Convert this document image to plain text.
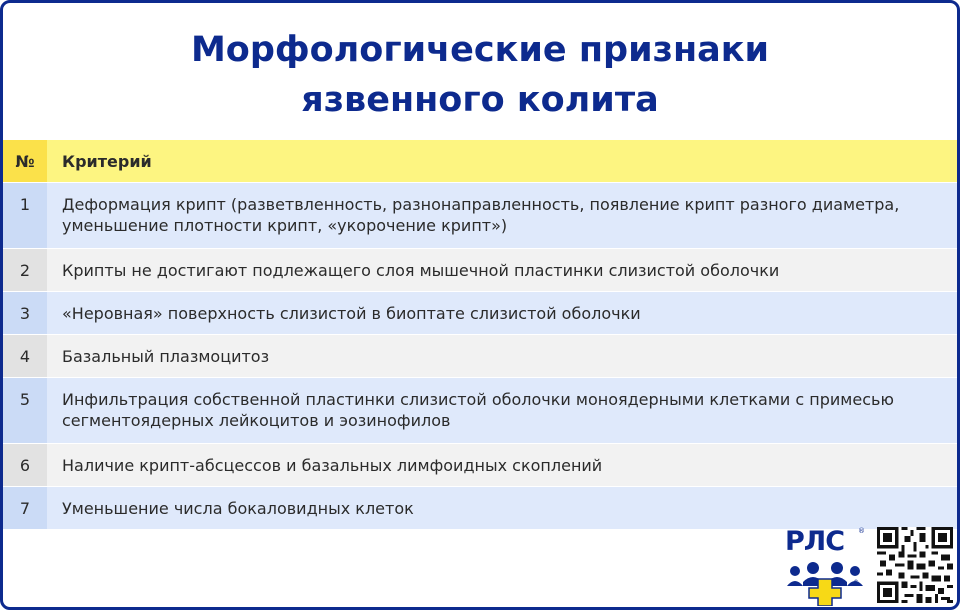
Морфологические признаки
язвенного колита
№	Критерий
1	Деформация крипт (разветвленность, разнонаправленность, появление крипт разного диаметра, уменьшение плотности крипт, «укорочение крипт»)
2	Крипты не достигают подлежащего слоя мышечной пластинки слизистой оболочки
3	«Неровная» поверхность слизистой в биоптате слизистой оболочки
4	Базальный плазмоцитоз
5	Инфильтрация собственной пластинки слизистой оболочки моноядерными клетками с примесью сегментоядерных лейкоцитов и эозинофилов
6	Наличие крипт-абсцессов и базальных лимфоидных скоплений
7	Уменьшение числа бокаловидных клеток
РЛС	®
®
